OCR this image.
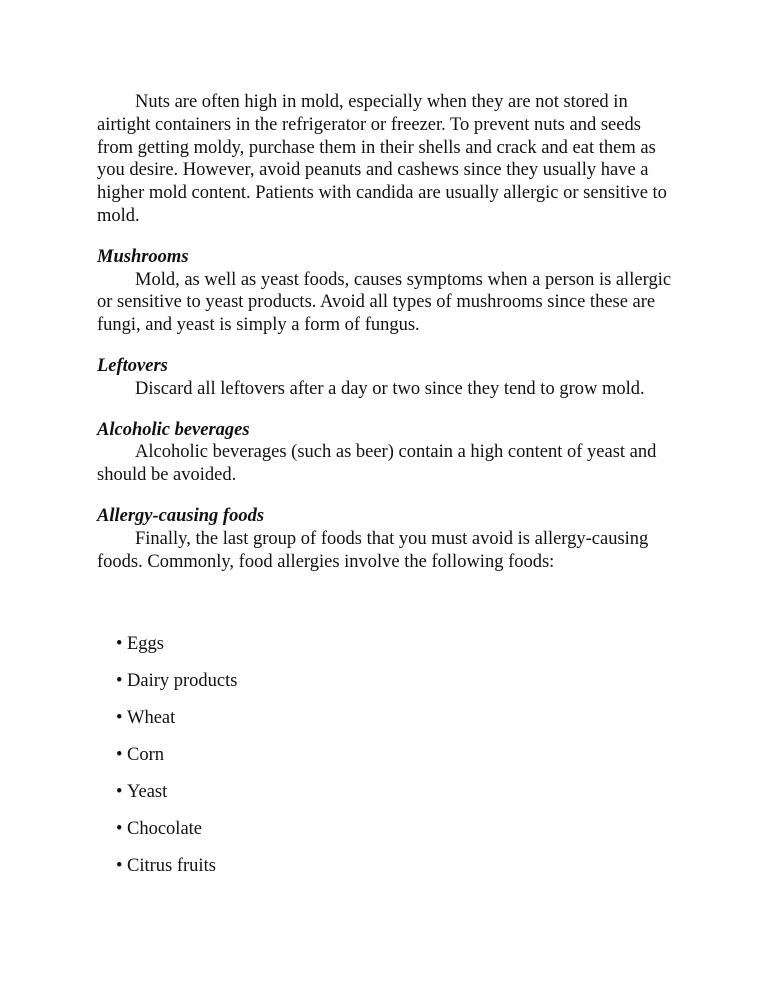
Nuts are often high in mold, especially when they are not stored in airtight containers in the refrigerator or freezer. To prevent nuts and seeds from getting moldy, purchase them in their shells and crack and eat them as you desire. However, avoid peanuts and cashews since they usually have a higher mold content. Patients with candida are usually allergic or sensitive to mold.

Mushrooms

Mold, as well as yeast foods, causes symptoms when a person is allergic or sensitive to yeast products. Avoid all types of mushrooms since these are fungi, and yeast is simply a form of fungus.

Leftovers

Discard all leftovers after a day or two since they tend to grow mold.

Alcoholic beverages

Alcoholic beverages (such as beer) contain a high content of yeast and should be avoided.

Allergy-causing foods

Finally, the last group of foods that you must avoid is allergy-causing foods. Commonly, food allergies involve the following foods:

• Eggs
• Dairy products
• Wheat
• Corn
• Yeast
• Chocolate
• Citrus fruits
